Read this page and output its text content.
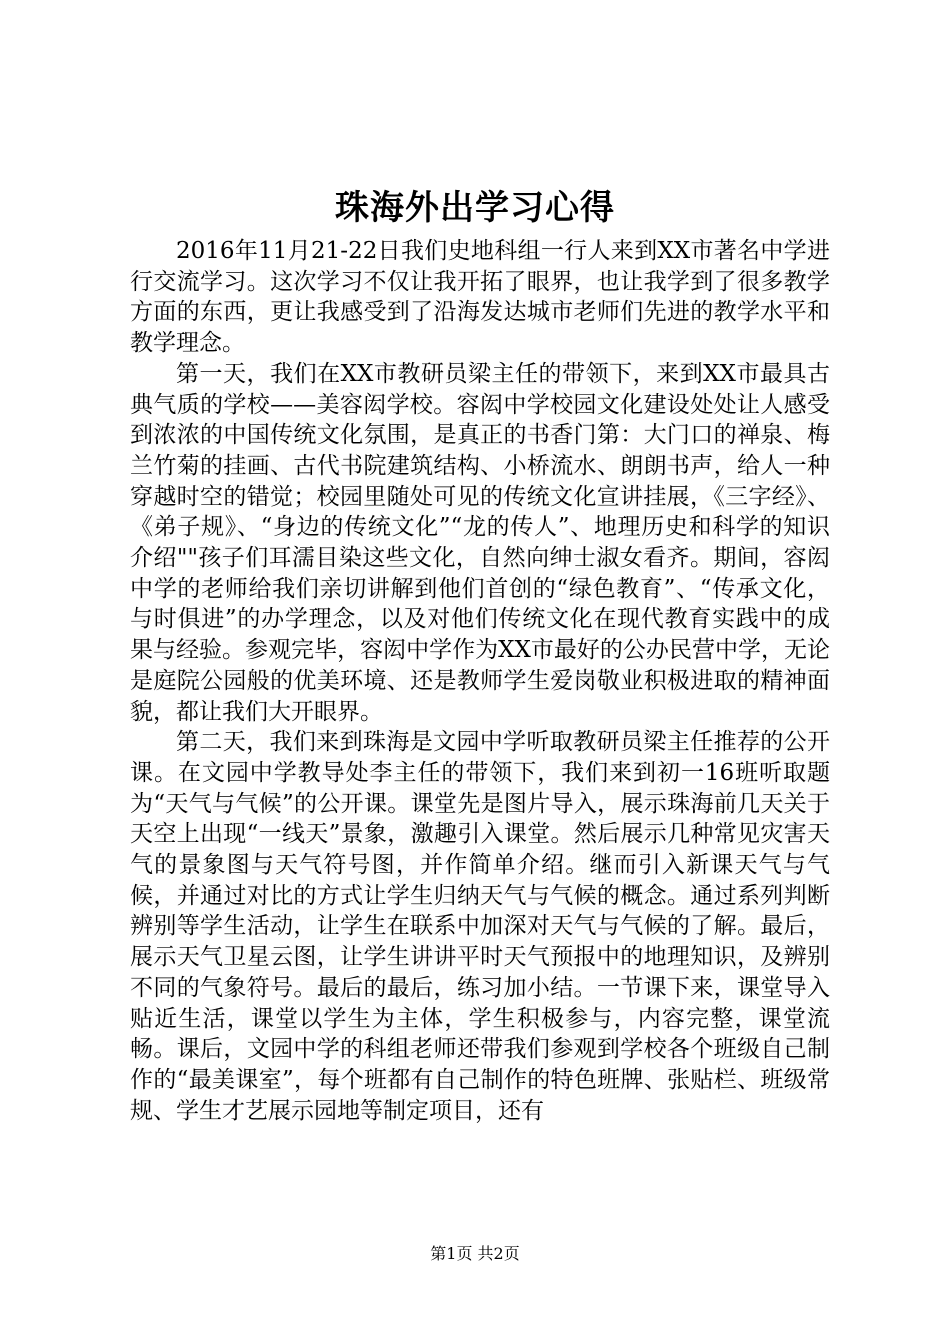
珠海外出学习心得

2016年11月21-22日我们史地科组一行人来到XX市著名中学进行交流学习。这次学习不仅让我开拓了眼界，也让我学到了很多教学方面的东西，更让我感受到了沿海发达城市老师们先进的教学水平和教学理念。

第一天，我们在XX市教研员梁主任的带领下，来到XX市最具古典气质的学校——美容闳学校。容闳中学校园文化建设处处让人感受到浓浓的中国传统文化氛围，是真正的书香门第：大门口的禅泉、梅兰竹菊的挂画、古代书院建筑结构、小桥流水、朗朗书声，给人一种穿越时空的错觉；校园里随处可见的传统文化宣讲挂展，《三字经》、《弟子规》、“身边的传统文化”“龙的传人”、地理历史和科学的知识介绍""孩子们耳濡目染这些文化，自然向绅士淑女看齐。期间，容闳中学的老师给我们亲切讲解到他们首创的“绿色教育”、“传承文化，与时俱进”的办学理念，以及对他们传统文化在现代教育实践中的成果与经验。参观完毕，容闳中学作为XX市最好的公办民营中学，无论是庭院公园般的优美环境、还是教师学生爱岗敬业积极进取的精神面貌，都让我们大开眼界。

第二天，我们来到珠海是文园中学听取教研员梁主任推荐的公开课。在文园中学教导处李主任的带领下，我们来到初一16班听取题为“天气与气候”的公开课。课堂先是图片导入，展示珠海前几天关于天空上出现“一线天”景象，激趣引入课堂。然后展示几种常见灾害天气的景象图与天气符号图，并作简单介绍。继而引入新课天气与气候，并通过对比的方式让学生归纳天气与气候的概念。通过系列判断辨别等学生活动，让学生在联系中加深对天气与气候的了解。最后，展示天气卫星云图，让学生讲讲平时天气预报中的地理知识，及辨别不同的气象符号。最后的最后，练习加小结。一节课下来，课堂导入贴近生活，课堂以学生为主体，学生积极参与，内容完整，课堂流畅。课后，文园中学的科组老师还带我们参观到学校各个班级自己制作的“最美课室”，每个班都有自己制作的特色班牌、张贴栏、班级常规、学生才艺展示园地等制定项目，还有

第1页 共2页
